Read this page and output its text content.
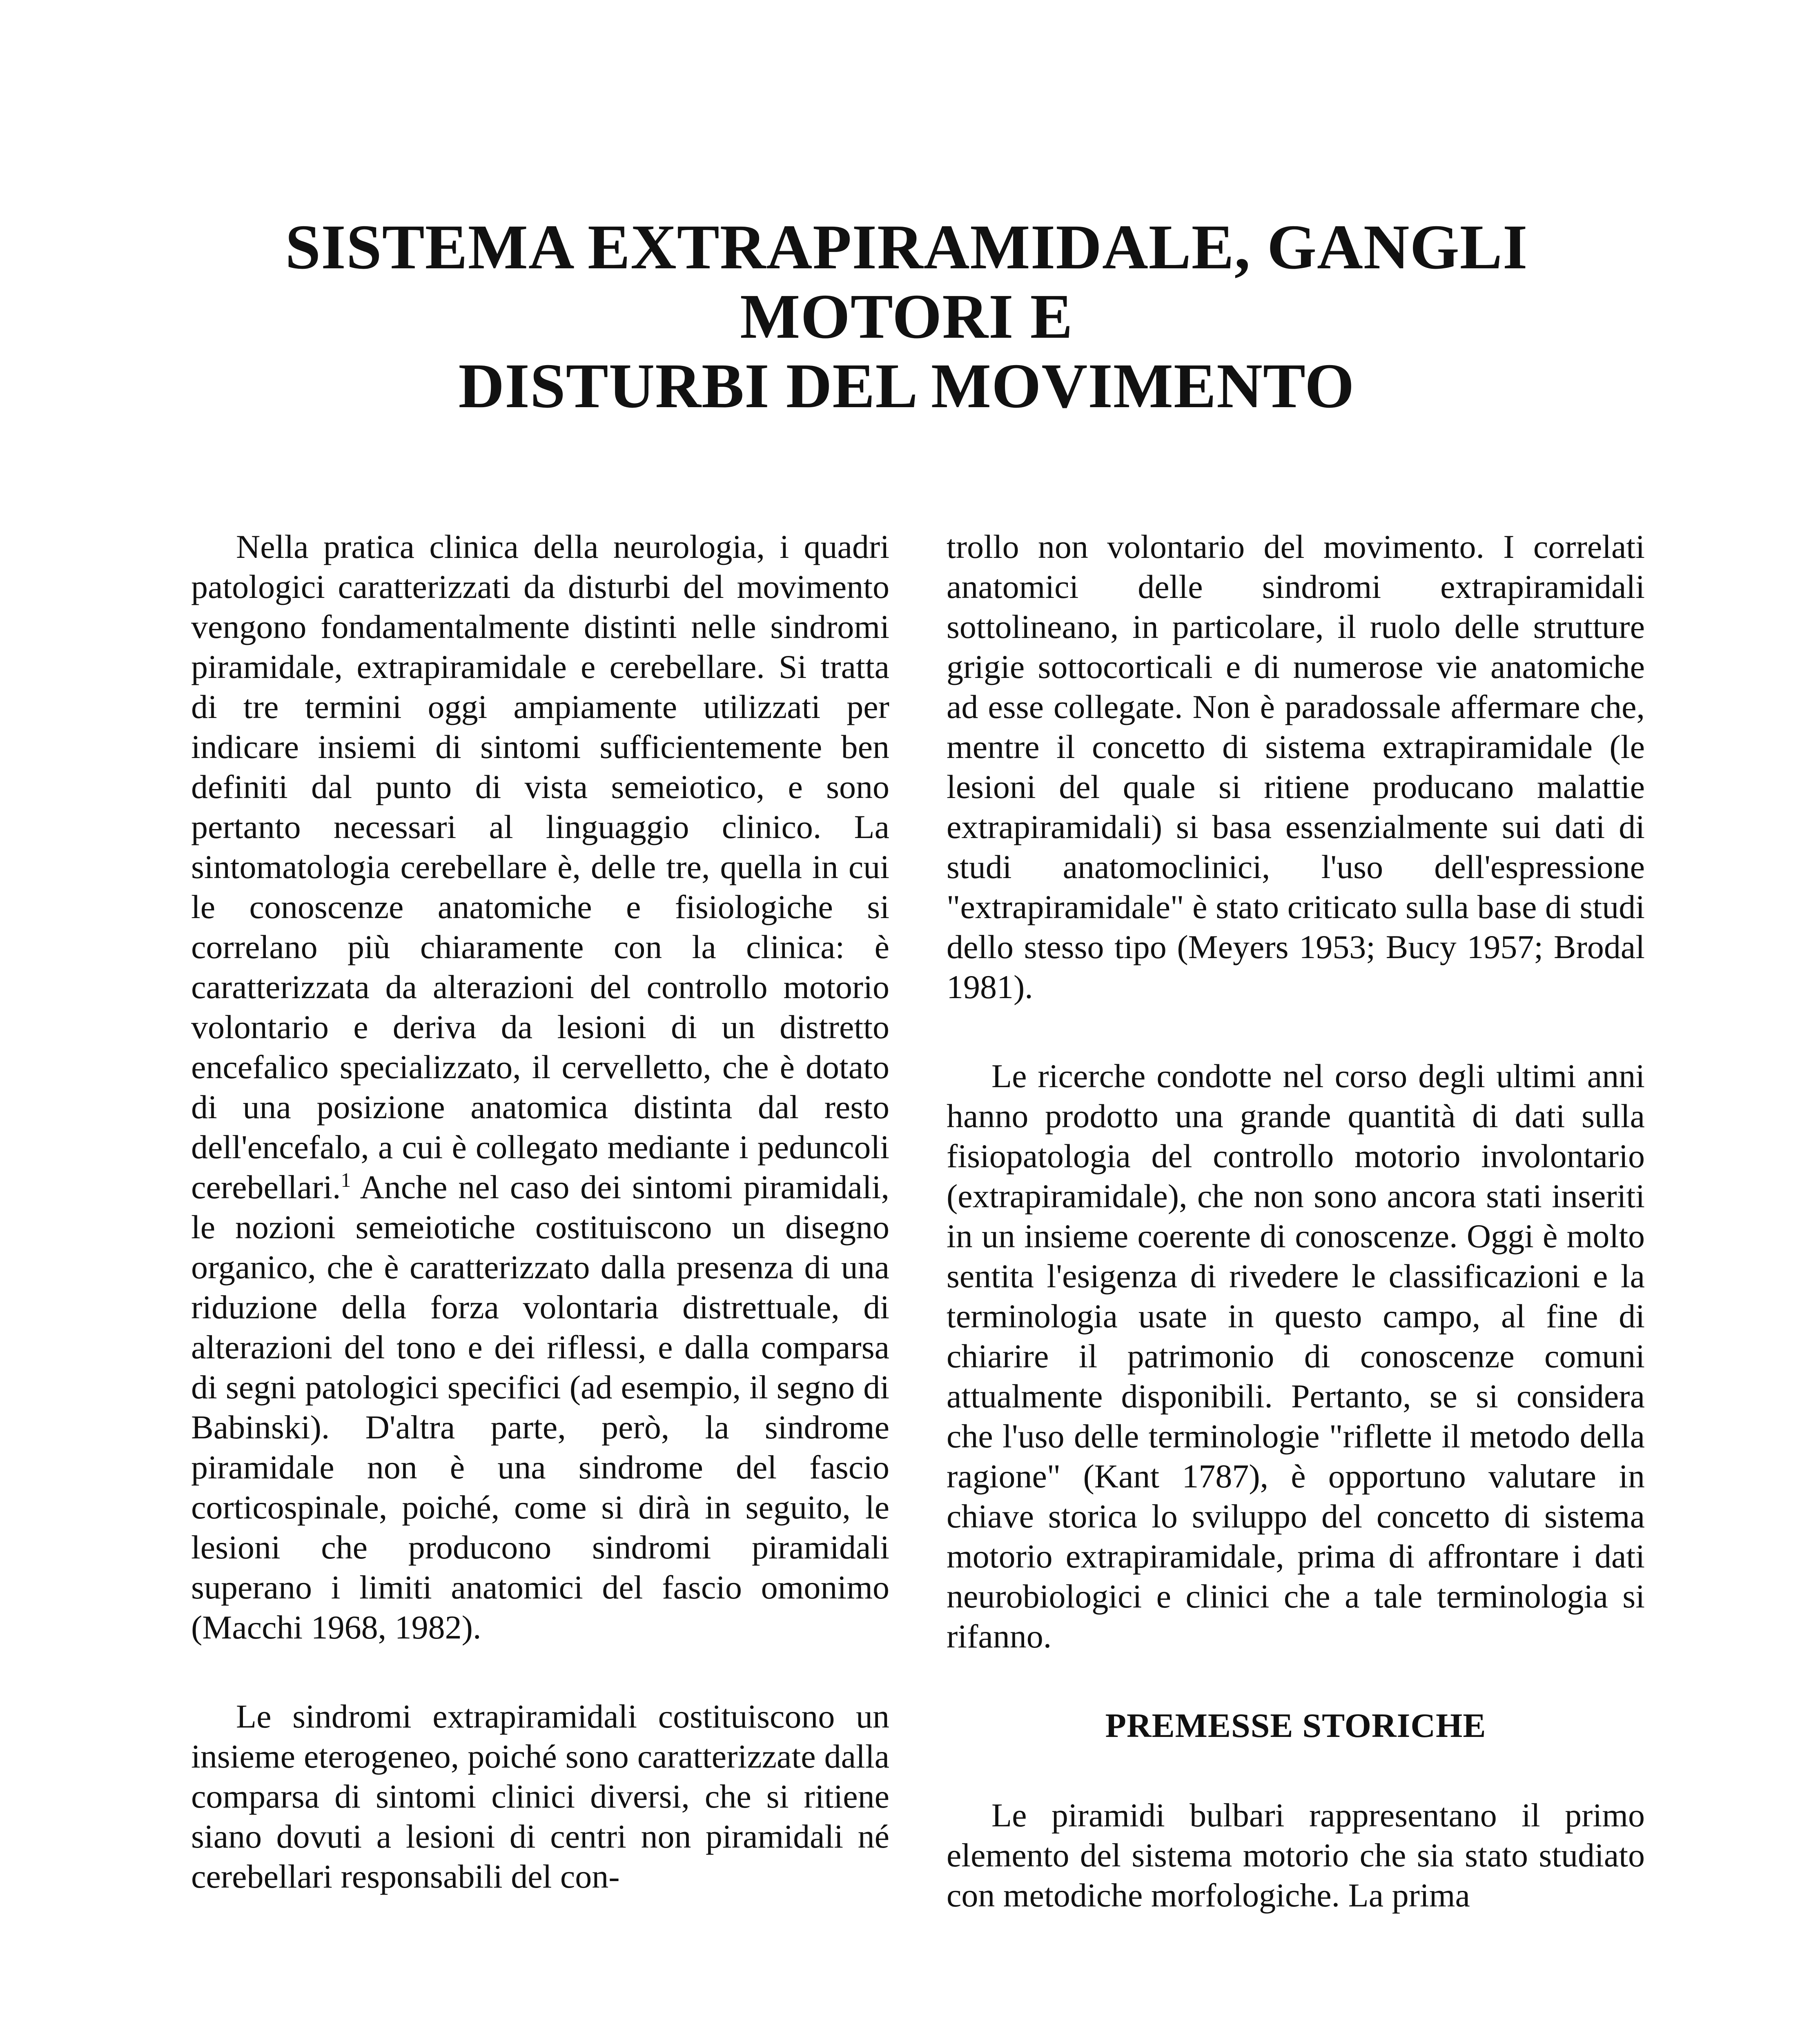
SISTEMA EXTRAPIRAMIDALE, GANGLI MOTORI E
DISTURBI DEL MOVIMENTO

Nella pratica clinica della neurologia, i quadri patologici caratterizzati da disturbi del movimento vengono fondamentalmente distinti nelle sindromi piramidale, extrapiramidale e cerebellare. Si tratta di tre termini oggi ampiamente utilizzati per indicare insiemi di sintomi sufficientemente ben definiti dal punto di vista semeiotico, e sono pertanto necessari al linguaggio clinico. La sintomatologia cerebellare è, delle tre, quella in cui le conoscenze anatomiche e fisiologiche si correlano più chiaramente con la clinica: è caratterizzata da alterazioni del controllo motorio volontario e deriva da lesioni di un distretto encefalico specializzato, il cervelletto, che è dotato di una posizione anatomica distinta dal resto dell'encefalo, a cui è collegato mediante i peduncoli cerebellari.$^1$ Anche nel caso dei sintomi piramidali, le nozioni semeiotiche costituiscono un disegno organico, che è caratterizzato dalla presenza di una riduzione della forza volontaria distrettuale, di alterazioni del tono e dei riflessi, e dalla comparsa di segni patologici specifici (ad esempio, il segno di Babinski). D'altra parte, però, la sindrome piramidale non è una sindrome del fascio corticospinale, poiché, come si dirà in seguito, le lesioni che producono sindromi piramidali superano i limiti anatomici del fascio omonimo (Macchi 1968, 1982).

Le sindromi extrapiramidali costituiscono un insieme eterogeneo, poiché sono caratterizzate dalla comparsa di sintomi clinici diversi, che si ritiene siano dovuti a lesioni di centri non piramidali né cerebellari responsabili del con-

trollo non volontario del movimento. I correlati anatomici delle sindromi extrapiramidali sottolineano, in particolare, il ruolo delle strutture grigie sottocorticali e di numerose vie anatomiche ad esse collegate. Non è paradossale affermare che, mentre il concetto di sistema extrapiramidale (le lesioni del quale si ritiene producano malattie extrapiramidali) si basa essenzialmente sui dati di studi anatomoclinici, l'uso dell'espressione "extrapiramidale" è stato criticato sulla base di studi dello stesso tipo (Meyers 1953; Bucy 1957; Brodal 1981).

Le ricerche condotte nel corso degli ultimi anni hanno prodotto una grande quantità di dati sulla fisiopatologia del controllo motorio involontario (extrapiramidale), che non sono ancora stati inseriti in un insieme coerente di conoscenze. Oggi è molto sentita l'esigenza di rivedere le classificazioni e la terminologia usate in questo campo, al fine di chiarire il patrimonio di conoscenze comuni attualmente disponibili. Pertanto, se si considera che l'uso delle terminologie "riflette il metodo della ragione" (Kant 1787), è opportuno valutare in chiave storica lo sviluppo del concetto di sistema motorio extrapiramidale, prima di affrontare i dati neurobiologici e clinici che a tale terminologia si rifanno.

PREMESSE STORICHE

Le piramidi bulbari rappresentano il primo elemento del sistema motorio che sia stato studiato con metodiche morfologiche. La prima
